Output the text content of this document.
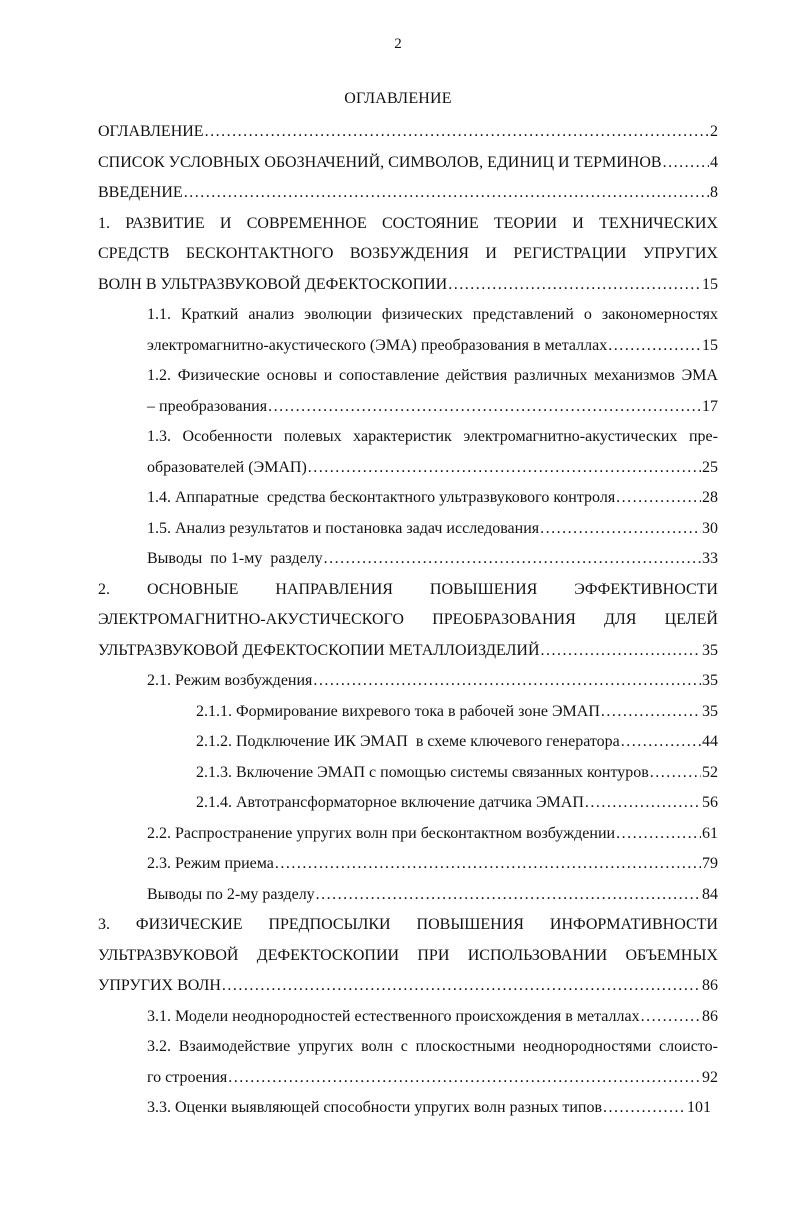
2
ОГЛАВЛЕНИЕ
ОГЛАВЛЕНИЕ .....	2
СПИСОК УСЛОВНЫХ ОБОЗНАЧЕНИЙ, СИМВОЛОВ, ЕДИНИЦ И ТЕРМИНОВ .....	4
ВВЕДЕНИЕ .....	8
1. РАЗВИТИЕ И СОВРЕМЕННОЕ СОСТОЯНИЕ ТЕОРИИ И ТЕХНИЧЕСКИХ
СРЕДСТВ БЕСКОНТАКТНОГО ВОЗБУЖДЕНИЯ И РЕГИСТРАЦИИ УПРУГИХ
ВОЛН В УЛЬТРАЗВУКОВОЙ ДЕФЕКТОСКОПИИ .....	15
1.1. Краткий анализ эволюции физических представлений о закономерностях
электромагнитно-акустического (ЭМА) преобразования в металлах .....	15
1.2. Физические основы и сопоставление действия различных механизмов ЭМА
– преобразования .....	17
1.3. Особенности полевых характеристик электромагнитно-акустических пре-
образователей (ЭМАП) .....	25
1.4. Аппаратные  средства бесконтактного ультразвукового контроля .....	28
1.5. Анализ результатов и постановка задач исследования .....	30
Выводы  по 1-му  разделу .....	33
2. ОСНОВНЫЕ НАПРАВЛЕНИЯ ПОВЫШЕНИЯ ЭФФЕКТИВНОСТИ
ЭЛЕКТРОМАГНИТНО-АКУСТИЧЕСКОГО ПРЕОБРАЗОВАНИЯ ДЛЯ ЦЕЛЕЙ
УЛЬТРАЗВУКОВОЙ ДЕФЕКТОСКОПИИ МЕТАЛЛОИЗДЕЛИЙ .....	35
2.1. Режим возбуждения .....	35
2.1.1. Формирование вихревого тока в рабочей зоне ЭМАП .....	35
2.1.2. Подключение ИК ЭМАП  в схеме ключевого генератора .....	44
2.1.3. Включение ЭМАП с помощью системы связанных контуров .....	52
2.1.4. Автотрансформаторное включение датчика ЭМАП .....	56
2.2. Распространение упругих волн при бесконтактном возбуждении .....	61
2.3. Режим приема .....	79
Выводы по 2-му разделу .....	84
3. ФИЗИЧЕСКИЕ ПРЕДПОСЫЛКИ ПОВЫШЕНИЯ ИНФОРМАТИВНОСТИ
УЛЬТРАЗВУКОВОЙ ДЕФЕКТОСКОПИИ ПРИ ИСПОЛЬЗОВАНИИ ОБЪЕМНЫХ
УПРУГИХ ВОЛН .....	86
3.1. Модели неоднородностей естественного происхождения в металлах .....	86
3.2. Взаимодействие упругих волн с плоскостными неоднородностями слоисто-
го строения .....	92
3.3. Оценки выявляющей способности упругих волн разных типов .....	101
